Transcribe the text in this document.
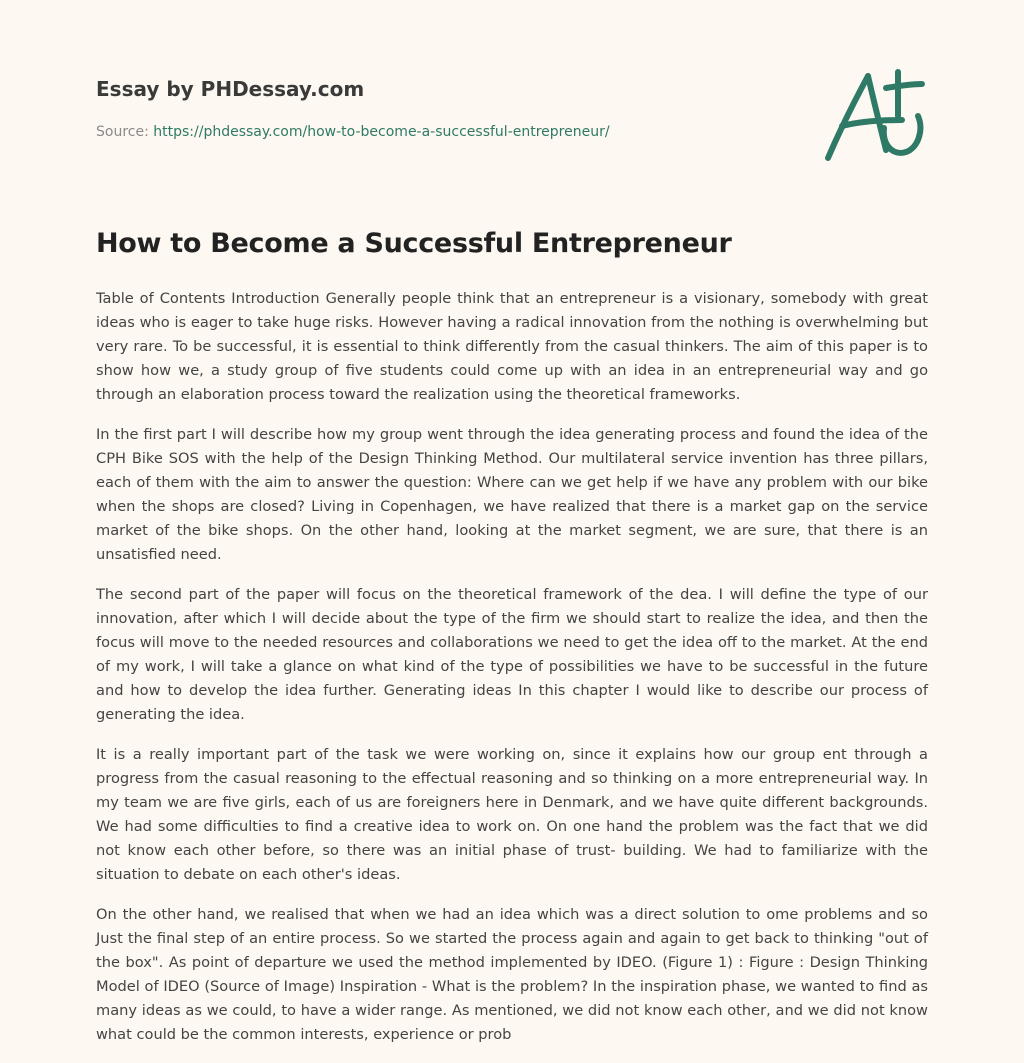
Essay by PHDessay.com
Source: https://phdessay.com/how-to-become-a-successful-entrepreneur/
How to Become a Successful Entrepreneur

Table of Contents Introduction Generally people think that an entrepreneur is a visionary, somebody with great ideas who is eager to take huge risks. However having a radical innovation from the nothing is overwhelming but very rare. To be successful, it is essential to think differently from the casual thinkers. The aim of this paper is to show how we, a study group of five students could come up with an idea in an entrepreneurial way and go through an elaboration process toward the realization using the theoretical frameworks.

In the first part I will describe how my group went through the idea generating process and found the idea of the CPH Bike SOS with the help of the Design Thinking Method. Our multilateral service invention has three pillars, each of them with the aim to answer the question: Where can we get help if we have any problem with our bike when the shops are closed? Living in Copenhagen, we have realized that there is a market gap on the service market of the bike shops. On the other hand, looking at the market segment, we are sure, that there is an unsatisfied need.

The second part of the paper will focus on the theoretical framework of the dea. I will define the type of our innovation, after which I will decide about the type of the firm we should start to realize the idea, and then the focus will move to the needed resources and collaborations we need to get the idea off to the market. At the end of my work, I will take a glance on what kind of the type of possibilities we have to be successful in the future and how to develop the idea further. Generating ideas In this chapter I would like to describe our process of generating the idea.

It is a really important part of the task we were working on, since it explains how our group ent through a progress from the casual reasoning to the effectual reasoning and so thinking on a more entrepreneurial way. In my team we are five girls, each of us are foreigners here in Denmark, and we have quite different backgrounds. We had some difficulties to find a creative idea to work on. On one hand the problem was the fact that we did not know each other before, so there was an initial phase of trust- building. We had to familiarize with the situation to debate on each other's ideas.

On the other hand, we realised that when we had an idea which was a direct solution to ome problems and so Just the final step of an entire process. So we started the process again and again to get back to thinking "out of the box". As point of departure we used the method implemented by IDEO. (Figure 1) : Figure : Design Thinking Model of IDEO (Source of Image) Inspiration - What is the problem? In the inspiration phase, we wanted to find as many ideas as we could, to have a wider range. As mentioned, we did not know each other, and we did not know what could be the common interests, experience or prob
